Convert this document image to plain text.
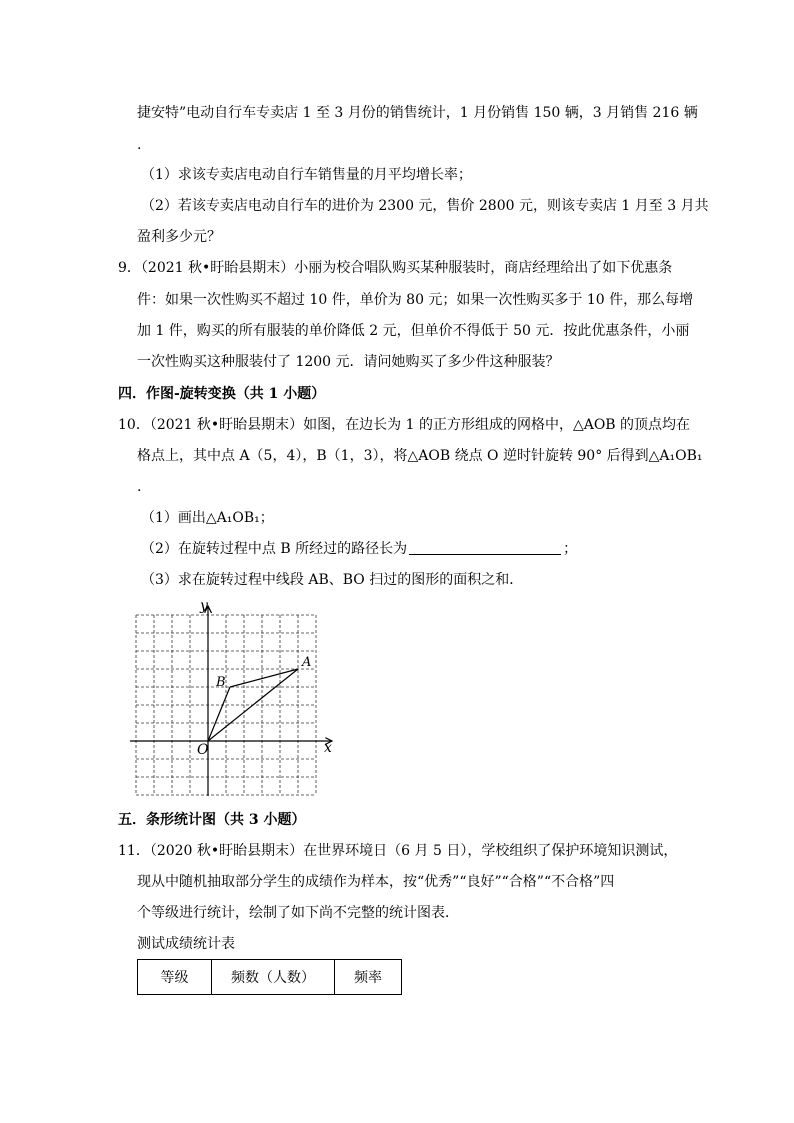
捷安特”电动自行车专卖店 1 至 3 月份的销售统计，1 月份销售 150 辆，3 月销售 216 辆
.
（1）求该专卖店电动自行车销售量的月平均增长率；
（2）若该专卖店电动自行车的进价为 2300 元，售价 2800 元，则该专卖店 1 月至 3 月共
盈利多少元？
9．（2021 秋•盱眙县期末）小丽为校合唱队购买某种服装时，商店经理给出了如下优惠条
件：如果一次性购买不超过 10 件，单价为 80 元；如果一次性购买多于 10 件，那么每增
加 1 件，购买的所有服装的单价降低 2 元，但单价不得低于 50 元．按此优惠条件，小丽
一次性购买这种服装付了 1200 元．请问她购买了多少件这种服装？
四．作图-旋转变换（共 1 小题）
10．（2021 秋•盱眙县期末）如图，在边长为 1 的正方形组成的网格中，△AOB 的顶点均在
格点上，其中点 A（5，4），B（1，3），将△AOB 绕点 O 逆时针旋转 90° 后得到△A₁OB₁
.
（1）画出△A₁OB₁；
（2）在旋转过程中点 B 所经过的路径长为	；
（3）求在旋转过程中线段 AB、BO 扫过的图形的面积之和．
y
x
O
A
B
五．条形统计图（共 3 小题）
11．（2020 秋•盱眙县期末）在世界环境日（6 月 5 日），学校组织了保护环境知识测试，
现从中随机抽取部分学生的成绩作为样本，按“优秀”“良好”“合格”“不合格”四
个等级进行统计，绘制了如下尚不完整的统计图表．
测试成绩统计表
等级	频数（人数）	频率
